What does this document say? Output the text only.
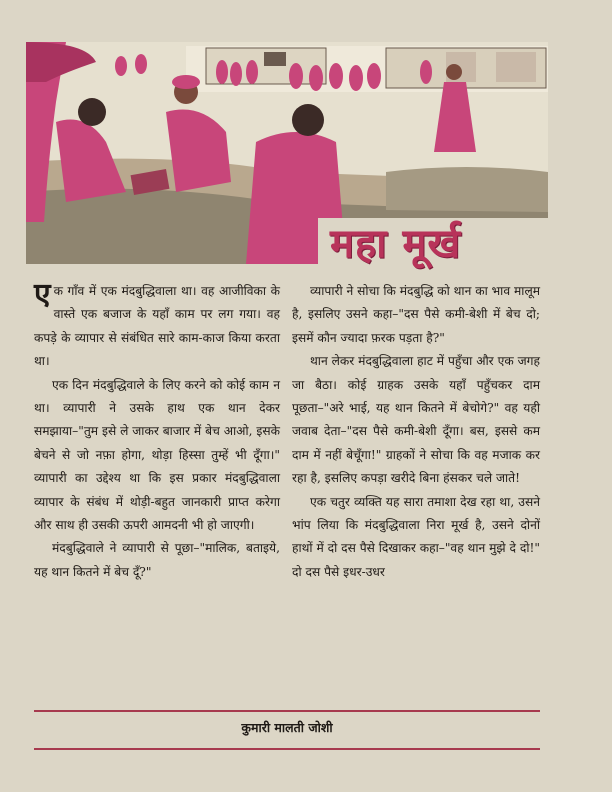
महा मूर्ख

एक गाँव में एक मंदबुद्धिवाला था। वह आजीविका के वास्ते एक बजाज के यहाँ काम पर लग गया। वह कपड़े के व्यापार से संबंधित सारे काम-काज किया करता था।

एक दिन मंदबुद्धिवाले के लिए करने को कोई काम न था। व्यापारी ने उसके हाथ एक थान देकर समझाया–"तुम इसे ले जाकर बाजार में बेच आओ, इसके बेचने से जो नफ़ा होगा, थोड़ा हिस्सा तुम्हें भी दूँगा।" व्यापारी का उद्देश्य था कि इस प्रकार मंदबुद्धिवाला व्यापार के संबंध में थोड़ी-बहुत जानकारी प्राप्त करेगा और साथ ही उसकी ऊपरी आमदनी भी हो जाएगी।

मंदबुद्धिवाले ने व्यापारी से पूछा–"मालिक, बताइये, यह थान कितने में बेच दूँ?"

व्यापारी ने सोचा कि मंदबुद्धि को थान का भाव मालूम है, इसलिए उसने कहा–"दस पैसे कमी-बेशी में बेच दो; इसमें कौन ज्यादा फ़रक पड़ता है?"

थान लेकर मंदबुद्धिवाला हाट में पहुँचा और एक जगह जा बैठा। कोई ग्राहक उसके यहाँ पहुँचकर दाम पूछता–"अरे भाई, यह थान कितने में बेचोगे?" वह यही जवाब देता–"दस पैसे कमी-बेशी दूँगा। बस, इससे कम दाम में नहीं बेचूँगा!" ग्राहकों ने सोचा कि वह मजाक कर रहा है, इसलिए कपड़ा खरीदे बिना हंसकर चले जाते!

एक चतुर व्यक्ति यह सारा तमाशा देख रहा था, उसने भांप लिया कि मंदबुद्धिवाला निरा मूर्ख है, उसने दोनों हाथों में दो दस पैसे दिखाकर कहा–"वह थान मुझे दे दो!" दो दस पैसे इधर-उधर

कुमारी मालती जोशी
